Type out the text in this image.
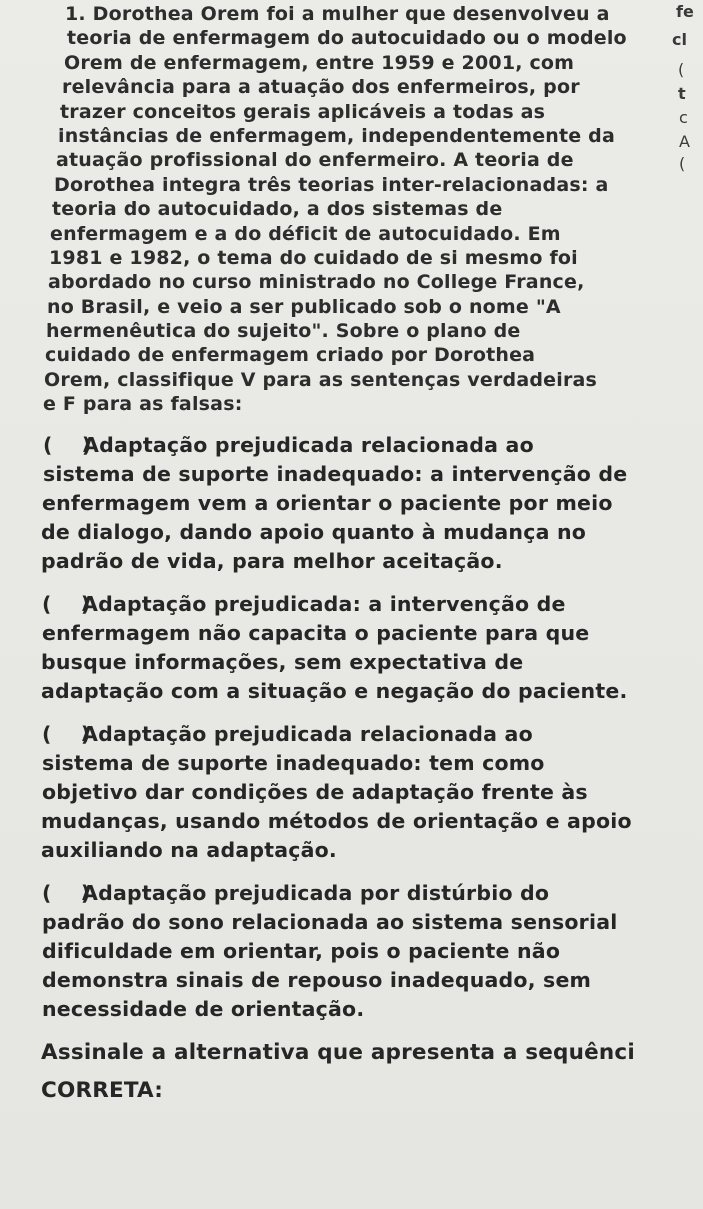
fe
cl
(
t
c
A
(
1. Dorothea Orem foi a mulher que desenvolveu a
teoria de enfermagem do autocuidado ou o modelo
Orem de enfermagem, entre 1959 e 2001, com
relevância para a atuação dos enfermeiros, por
trazer conceitos gerais aplicáveis a todas as
instâncias de enfermagem, independentemente da
atuação profissional do enfermeiro. A teoria de
Dorothea integra três teorias inter-relacionadas: a
teoria do autocuidado, a dos sistemas de
enfermagem e a do déficit de autocuidado. Em
1981 e 1982, o tema do cuidado de si mesmo foi
abordado no curso ministrado no College France,
no Brasil, e veio a ser publicado sob o nome "A
hermenêutica do sujeito". Sobre o plano de
cuidado de enfermagem criado por Dorothea
Orem, classifique V para as sentenças verdadeiras
e F para as falsas:
(    )Adaptação prejudicada relacionada ao
sistema de suporte inadequado: a intervenção de
enfermagem vem a orientar o paciente por meio
de dialogo, dando apoio quanto à mudança no
padrão de vida, para melhor aceitação.
(    )Adaptação prejudicada: a intervenção de
enfermagem não capacita o paciente para que
busque informações, sem expectativa de
adaptação com a situação e negação do paciente.
(    )Adaptação prejudicada relacionada ao
sistema de suporte inadequado: tem como
objetivo dar condições de adaptação frente às
mudanças, usando métodos de orientação e apoio
auxiliando na adaptação.
(    )Adaptação prejudicada por distúrbio do
padrão do sono relacionada ao sistema sensorial
dificuldade em orientar, pois o paciente não
demonstra sinais de repouso inadequado, sem
necessidade de orientação.
Assinale a alternativa que apresenta a sequênci
CORRETA:
